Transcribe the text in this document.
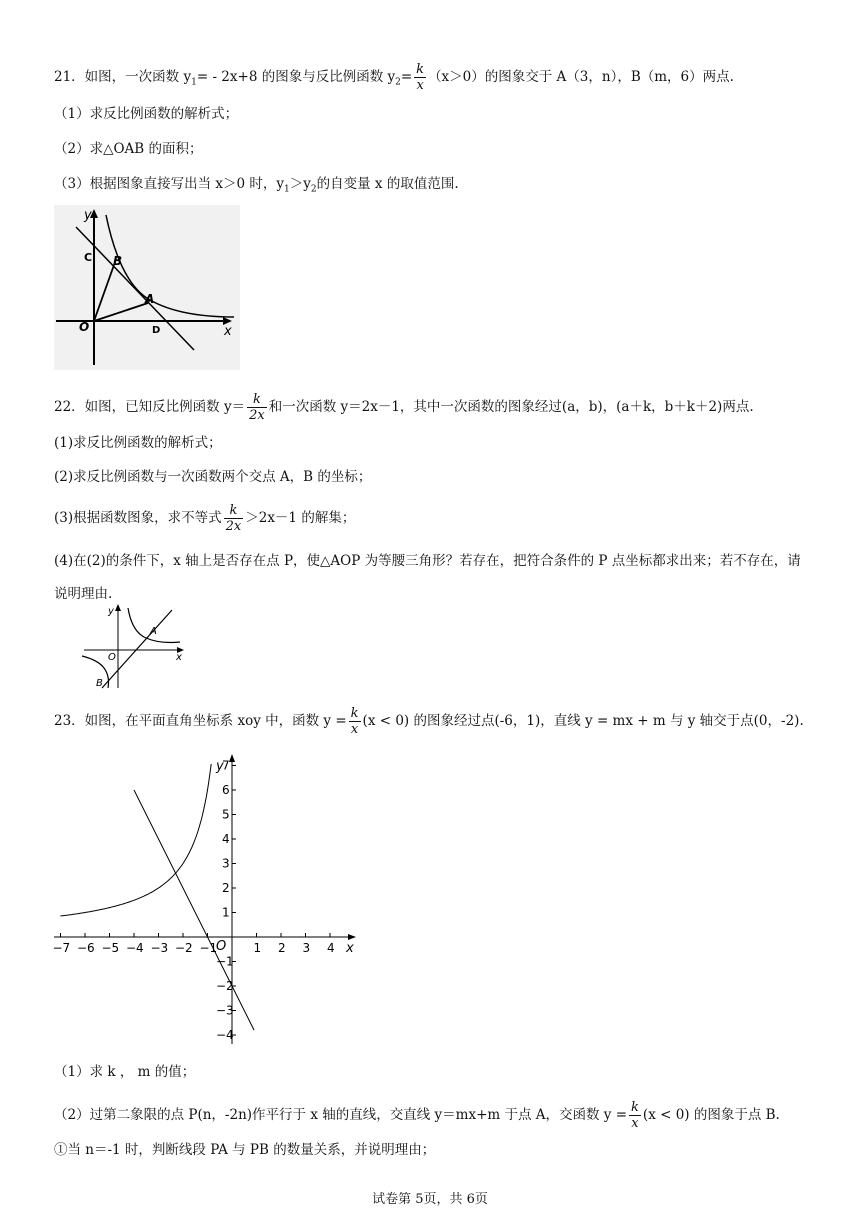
21．如图，一次函数 $y_1= - 2x+8$ 的图象与反比例函数 $y_2= \frac{k}{x} (x>0)$的图象交于 A（3，n），B（m，6）两点.
（1）求反比例函数的解析式；
（2）求△OAB 的面积；
（3）根据图象直接写出当 x＞0 时，$y_1>y_2$的自变量 x 的取值范围.
y
x
C B
A
O	D
22．如图，已知反比例函数 $y= \frac{k}{2x}$ 和一次函数 y＝2x－1，其中一次函数的图象经过(a，b)，(a＋k，b＋k＋2)两点.
(1)求反比例函数的解析式；
(2)求反比例函数与一次函数两个交点 A，B 的坐标；
(3)根据函数图象，求不等式 $\frac{k}{2x} >2x-1$ 的解集；
(4)在(2)的条件下，x 轴上是否存在点 P，使△AOP 为等腰三角形？若存在，把符合条件的 P 点坐标都求出来；若不存在，请说明理由.
y
x
A
O
B
23．如图，在平面直角坐标系 xoy 中，函数 $y = \frac{k}{x} (x < 0)$ 的图象经过点(-6，1)，直线 y = mx + m 与 y 轴交于点(0，-2).
−7 −6 −5 −4 −3 −2 −1	1 2 3 4
7
6
5
4
3
2
1
−1
−2
−3
−4
x
y
O
（1）求 k ， m 的值；
（2）过第二象限的点 P(n，-2n)作平行于 x 轴的直线，交直线 y＝mx+m 于点 A，交函数 $y = \frac{k}{x} (x < 0)$ 的图象于点 B.
①当 n＝-1 时，判断线段 PA 与 PB 的数量关系，并说明理由；
试卷第 5页，共 6页
